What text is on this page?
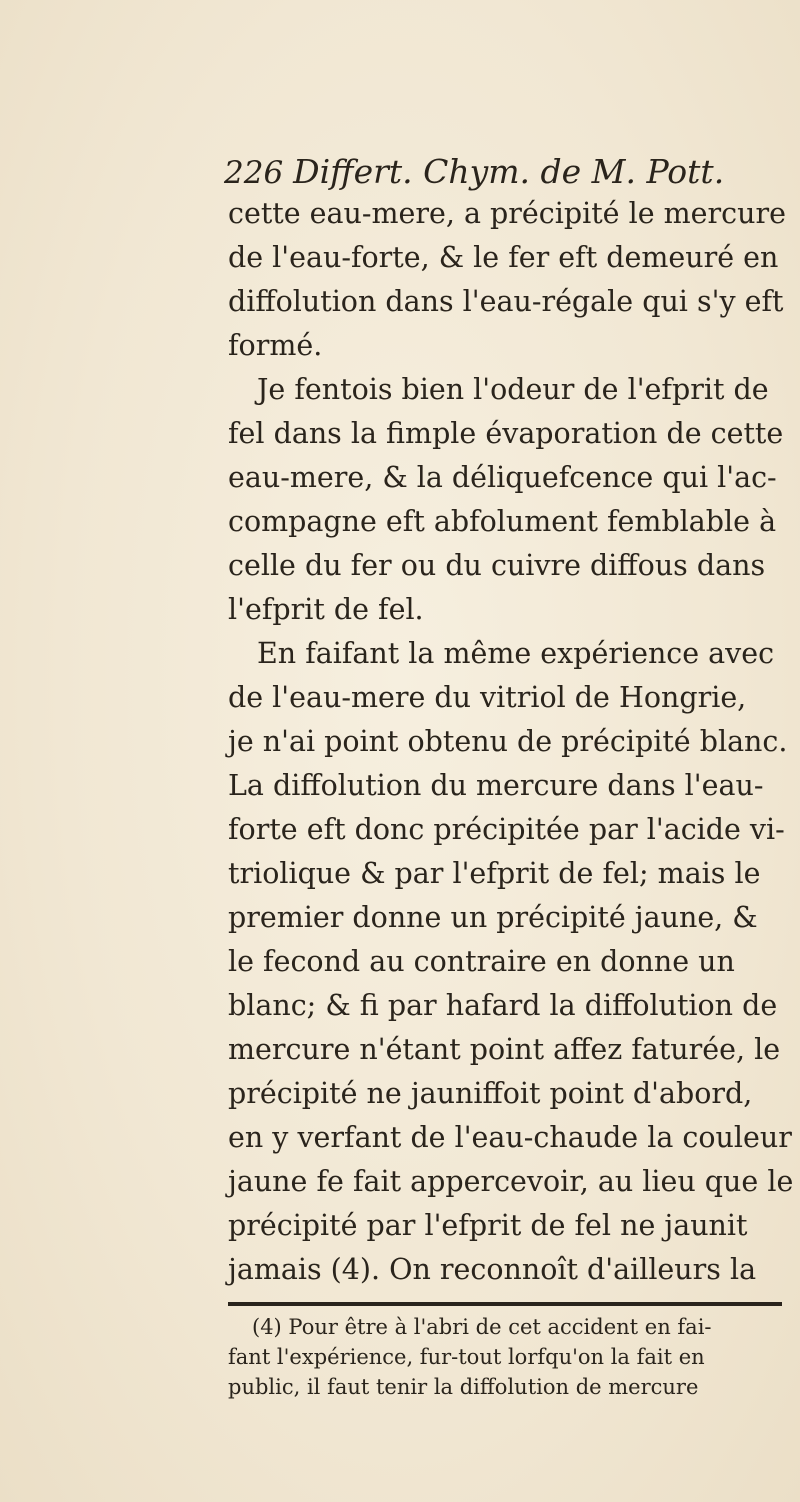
226 Differt. Chym. de M. Pott.
cette eau-mere, a précipité le mercure
de l'eau-forte, & le fer eft demeuré en
diffolution dans l'eau-régale qui s'y eft
formé.
Je fentois bien l'odeur de l'efprit de
fel dans la fimple évaporation de cette
eau-mere, & la déliquefcence qui l'ac-
compagne eft abfolument femblable à
celle du fer ou du cuivre diffous dans
l'efprit de fel.
En faifant la même expérience avec
de l'eau-mere du vitriol de Hongrie,
je n'ai point obtenu de précipité blanc.
La diffolution du mercure dans l'eau-
forte eft donc précipitée par l'acide vi-
triolique & par l'efprit de fel; mais le
premier donne un précipité jaune, &
le fecond au contraire en donne un
blanc; & fi par hafard la diffolution de
mercure n'étant point affez faturée, le
précipité ne jauniffoit point d'abord,
en y verfant de l'eau-chaude la couleur
jaune fe fait appercevoir, au lieu que le
précipité par l'efprit de fel ne jaunit
jamais (4). On reconnoît d'ailleurs la
(4) Pour être à l'abri de cet accident en fai-
fant l'expérience, fur-tout lorfqu'on la fait en
public, il faut tenir la diffolution de mercure
